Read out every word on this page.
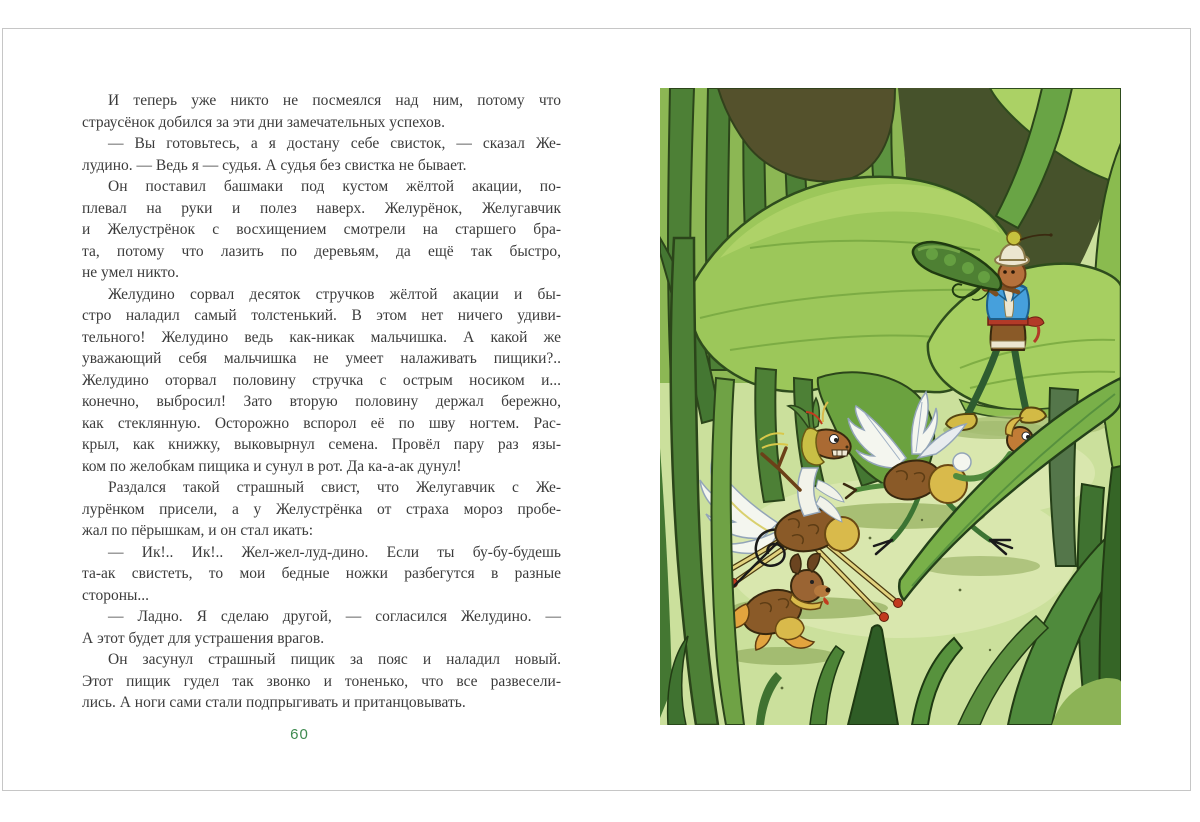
И теперь уже никто не посмеялся над ним, потому что
страусёнок добился за эти дни замечательных успехов.
— Вы готовьтесь, а я достану себе свисток, — сказал Же-
лудино. — Ведь я — судья. А судья без свистка не бывает.
Он поставил башмаки под кустом жёлтой акации, по-
плевал на руки и полез наверх. Желурёнок, Желугавчик
и Желустрёнок с восхищением смотрели на старшего бра-
та, потому что лазить по деревьям, да ещё так быстро,
не умел никто.
Желудино сорвал десяток стручков жёлтой акации и бы-
стро наладил самый толстенький. В этом нет ничего удиви-
тельного! Желудино ведь как-никак мальчишка. А какой же
уважающий себя мальчишка не умеет налаживать пищики?..
Желудино оторвал половину стручка с острым носиком и...
конечно, выбросил! Зато вторую половину держал бережно,
как стеклянную. Осторожно вспорол её по шву ногтем. Рас-
крыл, как книжку, выковырнул семена. Провёл пару раз язы-
ком по желобкам пищика и сунул в рот. Да ка-а-ак дунул!
Раздался такой страшный свист, что Желугавчик с Же-
лурёнком присели, а у Желустрёнка от страха мороз пробе-
жал по пёрышкам, и он стал икать:
— Ик!.. Ик!.. Жел-жел-луд-дино. Если ты бу-бу-будешь
та-ак свистеть, то мои бедные ножки разбегутся в разные
стороны...
— Ладно. Я сделаю другой, — согласился Желудино. —
А этот будет для устрашения врагов.
Он засунул страшный пищик за пояс и наладил новый.
Этот пищик гудел так звонко и тоненько, что все развесели-
лись. А ноги сами стали подпрыгивать и пританцовывать.
60
